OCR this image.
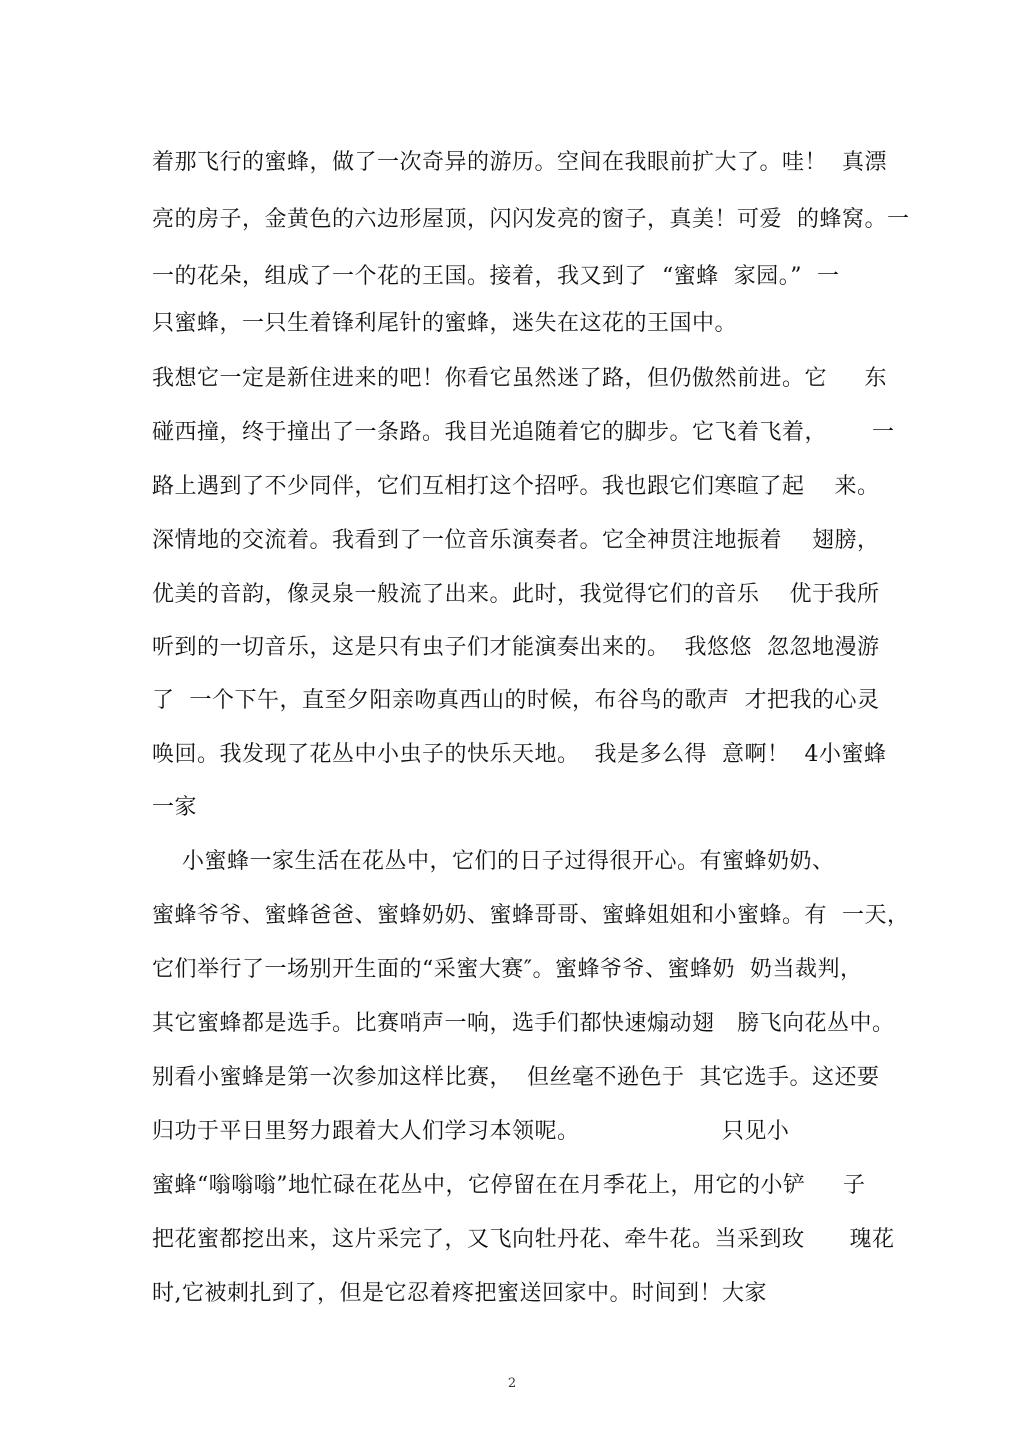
着那飞行的蜜蜂，做了一次奇异的游历。空间在我眼前扩大了。哇！  真漂
亮的房子，金黄色的六边形屋顶，闪闪发亮的窗子，真美！可爱  的蜂窝。一
一的花朵，组成了一个花的王国。接着，我又到了  “蜜蜂  家园。”  一
只蜜蜂，一只生着锋利尾针的蜜蜂，迷失在这花的王国中。
我想它一定是新住进来的吧！你看它虽然迷了路，但仍傲然前进。它     东
碰西撞，终于撞出了一条路。我目光追随着它的脚步。它飞着飞着，      一
路上遇到了不少同伴，它们互相打这个招呼。我也跟它们寒暄了起    来。
深情地的交流着。我看到了一位音乐演奏者。它全神贯注地振着    翅膀，
优美的音韵，像灵泉一般流了出来。此时，我觉得它们的音乐    优于我所
听到的一切音乐，这是只有虫子们才能演奏出来的。  我悠悠  忽忽地漫游
了  一个下午，直至夕阳亲吻真西山的时候，布谷鸟的歌声  才把我的心灵
唤回。我发现了花丛中小虫子的快乐天地。  我是多么得  意啊！  4小蜜蜂
一家
小蜜蜂一家生活在花丛中，它们的日子过得很开心。有蜜蜂奶奶、
蜜蜂爷爷、蜜蜂爸爸、蜜蜂奶奶、蜜蜂哥哥、蜜蜂姐姐和小蜜蜂。有  一天，
它们举行了一场别开生面的“采蜜大赛″。蜜蜂爷爷、蜜蜂奶  奶当裁判，
其它蜜蜂都是选手。比赛哨声一响，选手们都快速煽动翅   膀飞向花丛中。
别看小蜜蜂是第一次参加这样比赛，  但丝毫不逊色于  其它选手。这还要
归功于平日里努力跟着大人们学习本领呢。                   只见小
蜜蜂“嗡嗡嗡”地忙碌在花丛中，它停留在在月季花上，用它的小铲     子
把花蜜都挖出来，这片采完了，又飞向牡丹花、牵牛花。当采到玫      瑰花
时,它被刺扎到了，但是它忍着疼把蜜送回家中。时间到！大家
2
